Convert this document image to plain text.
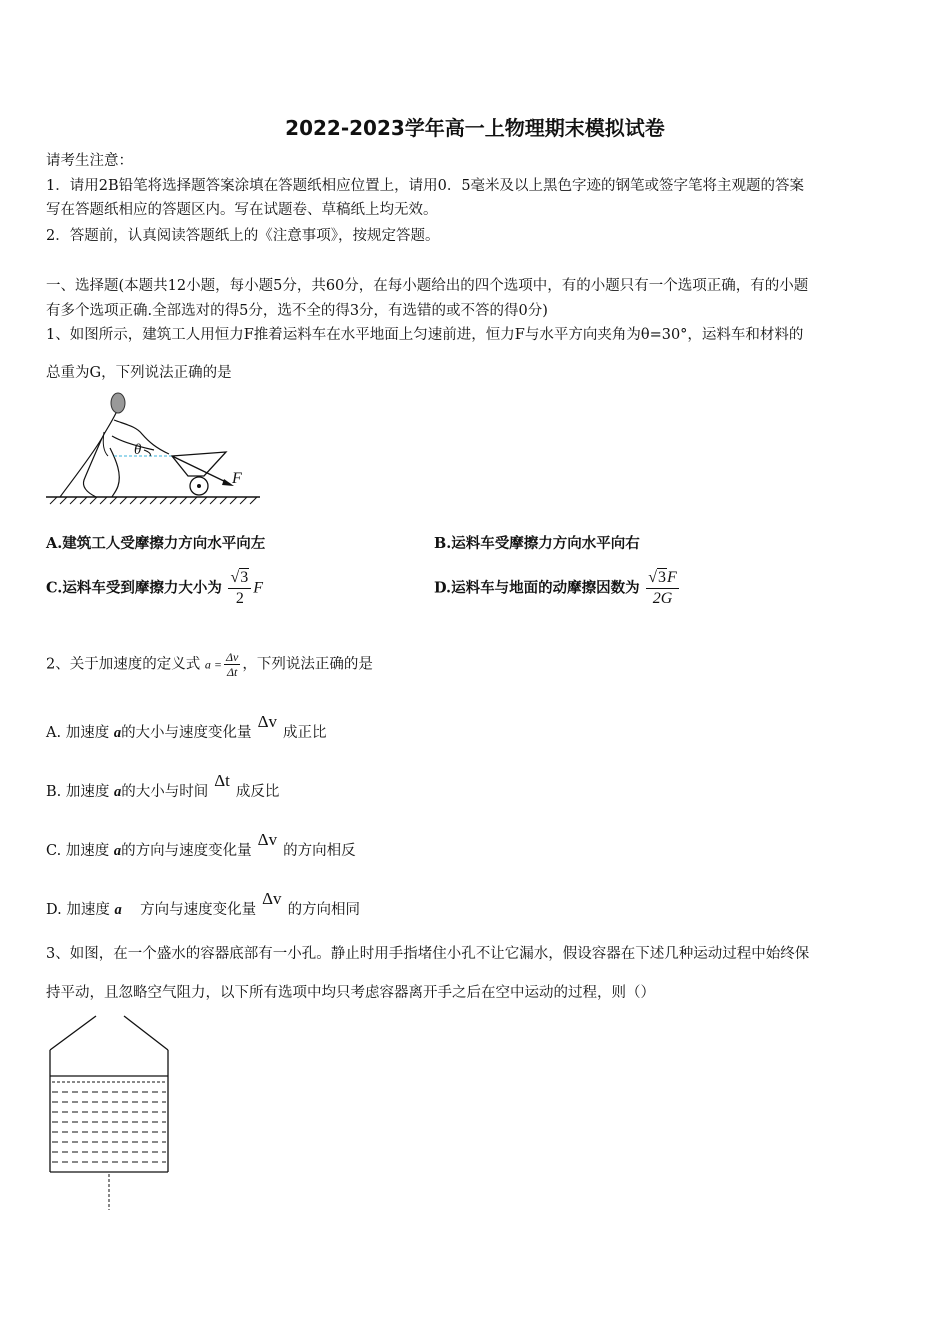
2022-2023学年高一上物理期末模拟试卷
请考生注意：
1．请用2B铅笔将选择题答案涂填在答题纸相应位置上，请用0．5毫米及以上黑色字迹的钢笔或签字笔将主观题的答案
写在答题纸相应的答题区内。写在试题卷、草稿纸上均无效。
2．答题前，认真阅读答题纸上的《注意事项》，按规定答题。
一、选择题(本题共12小题，每小题5分，共60分，在每小题给出的四个选项中，有的小题只有一个选项正确，有的小题
有多个选项正确.全部选对的得5分，选不全的得3分，有选错的或不答的得0分)
1、如图所示，建筑工人用恒力F推着运料车在水平地面上匀速前进，恒力F与水平方向夹角为θ=30°，运料车和材料的
总重为G，下列说法正确的是
θ
F
A.建筑工人受摩擦力方向水平向左	B.运料车受摩擦力方向水平向右
C.运料车受到摩擦力大小为 $\frac{√3}{2}$ F	D.运料车与地面的动摩擦因数为 $\frac{√3F}{2G}$
2、关于加速度的定义式 $a = \frac{\Delta v}{\Delta t}$ ，下列说法正确的是
A. 加速度 a的大小与速度变化量Δv成正比
B. 加速度 a的大小与时间Δt成反比
C. 加速度 a的方向与速度变化量Δv的方向相反
D. 加速度 a 方向与速度变化量Δv的方向相同
3、如图，在一个盛水的容器底部有一小孔。静止时用手指堵住小孔不让它漏水，假设容器在下述几种运动过程中始终保
持平动，且忽略空气阻力，以下所有选项中均只考虑容器离开手之后在空中运动的过程，则（）
